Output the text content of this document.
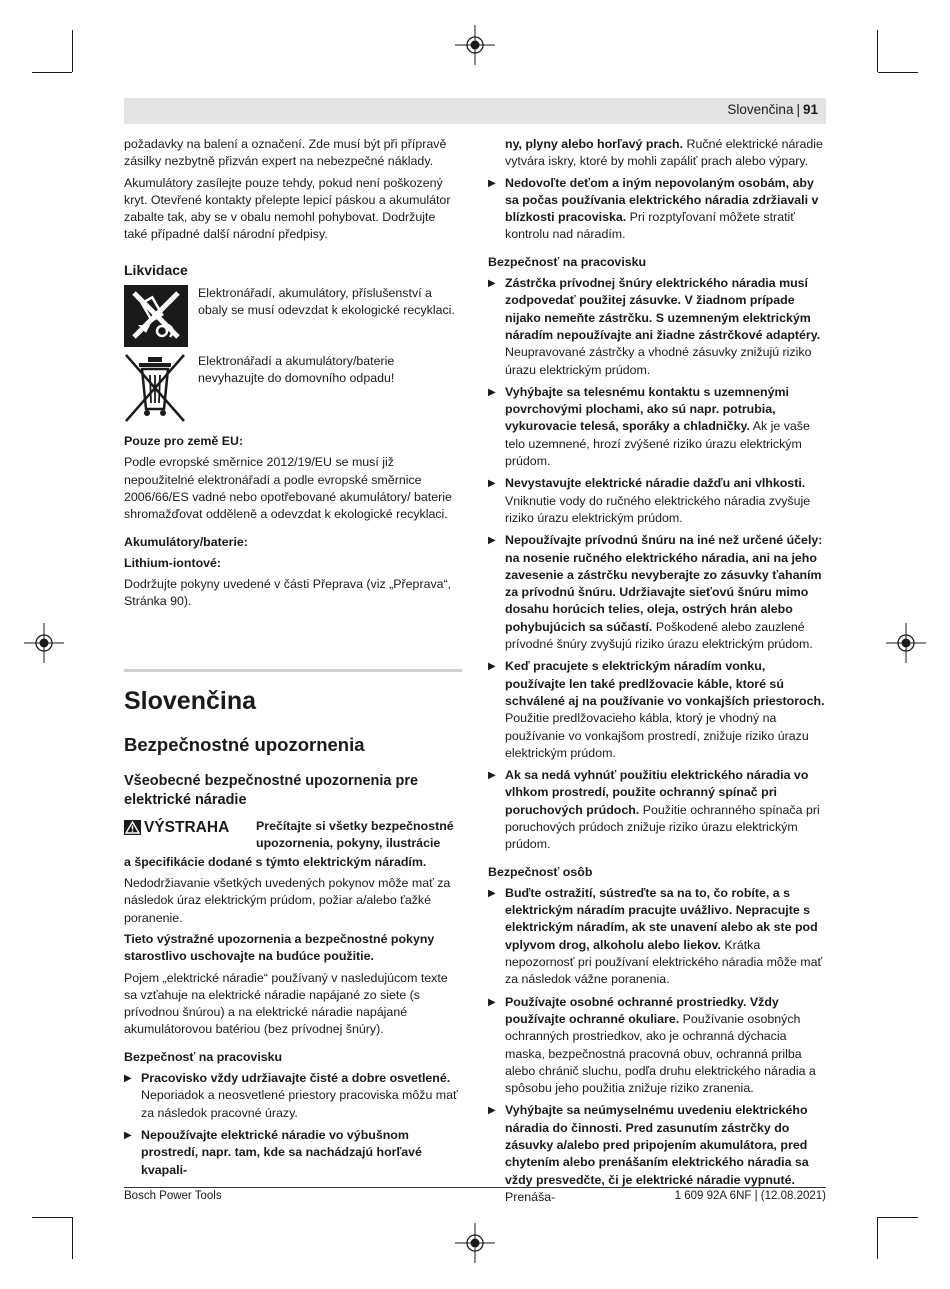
Slovenčina | 91

požadavky na balení a označení. Zde musí být při přípravě zásilky nezbytně přizván expert na nebezpečné náklady.

Akumulátory zasílejte pouze tehdy, pokud není poškozený kryt. Otevřené kontakty přelepte lepicí páskou a akumulátor zabalte tak, aby se v obalu nemohl pohybovat. Dodržujte také případné další národní předpisy.

Likvidace
Elektronářadí, akumulátory, příslušenství a obaly se musí odevzdat k ekologické recyklaci.
Elektronářadí a akumulátory/baterie nevyhazujte do domovního odpadu!
Pouze pro země EU:

Podle evropské směrnice 2012/19/EU se musí již nepoužitelné elektronářadí a podle evropské směrnice 2006/66/ES vadné nebo opotřebované akumulátory/ baterie shromažďovat odděleně a odevzdat k ekologické recyklaci.

Akumulátory/baterie:
Lithium-iontové:

Dodržujte pokyny uvedené v části Přeprava (viz „Přeprava“, Stránka 90).

Slovenčina
Bezpečnostné upozornenia
Všeobecné bezpečnostné upozornenia pre elektrické náradie
VÝSTRAHA Prečítajte si všetky bezpečnostné upozornenia, pokyny, ilustrácie

a špecifikácie dodané s týmto elektrickým náradím.

Nedodržiavanie všetkých uvedených pokynov môže mať za následok úraz elektrickým prúdom, požiar a/alebo ťažké poranenie.

Tieto výstražné upozornenia a bezpečnostné pokyny starostlivo uschovajte na budúce použitie.

Pojem „elektrické náradie“ používaný v nasledujúcom texte sa vzťahuje na elektrické náradie napájané zo siete (s prívodnou šnúrou) a na elektrické náradie napájané akumulátorovou batériou (bez prívodnej šnúry).

Bezpečnosť na pracovisku
▶ Pracovisko vždy udržiavajte čisté a dobre osvetlené. Neporiadok a neosvetlené priestory pracoviska môžu mať za následok pracovné úrazy.
▶ Nepoužívajte elektrické náradie vo výbušnom prostredí, napr. tam, kde sa nachádzajú horľavé kvapali-
ny, plyny alebo horľavý prach. Ručné elektrické náradie vytvára iskry, ktoré by mohli zapáliť prach alebo výpary.
▶ Nedovoľte deťom a iným nepovolaným osobám, aby sa počas používania elektrického náradia zdržiavali v blízkosti pracoviska. Pri rozptyľovaní môžete stratiť kontrolu nad náradím.
Bezpečnosť na pracovisku
▶ Zástrčka prívodnej šnúry elektrického náradia musí zodpovedať použitej zásuvke. V žiadnom prípade nijako nemeňte zástrčku. S uzemneným elektrickým náradím nepoužívajte ani žiadne zástrčkové adaptéry. Neupravované zástrčky a vhodné zásuvky znižujú riziko úrazu elektrickým prúdom.
▶ Vyhýbajte sa telesnému kontaktu s uzemnenými povrchovými plochami, ako sú napr. potrubia, vykurovacie telesá, sporáky a chladničky. Ak je vaše telo uzemnené, hrozí zvýšené riziko úrazu elektrickým prúdom.
▶ Nevystavujte elektrické náradie dažďu ani vlhkosti. Vniknutie vody do ručného elektrického náradia zvyšuje riziko úrazu elektrickým prúdom.
▶ Nepoužívajte prívodnú šnúru na iné než určené účely: na nosenie ručného elektrického náradia, ani na jeho zavesenie a zástrčku nevyberajte zo zásuvky ťahaním za prívodnú šnúru. Udržiavajte sieťovú šnúru mimo dosahu horúcich telies, oleja, ostrých hrán alebo pohybujúcich sa súčastí. Poškodené alebo zauzlené prívodné šnúry zvyšujú riziko úrazu elektrickým prúdom.
▶ Keď pracujete s elektrickým náradím vonku, používajte len také predlžovacie káble, ktoré sú schválené aj na používanie vo vonkajších priestoroch. Použitie predlžovacieho kábla, ktorý je vhodný na používanie vo vonkajšom prostredí, znižuje riziko úrazu elektrickým prúdom.
▶ Ak sa nedá vyhnúť použitiu elektrického náradia vo vlhkom prostredí, použite ochranný spínač pri poruchových prúdoch. Použitie ochranného spínača pri poruchových prúdoch znižuje riziko úrazu elektrickým prúdom.
Bezpečnosť osôb
▶ Buďte ostražití, sústreďte sa na to, čo robíte, a s elektrickým náradím pracujte uvážlivo. Nepracujte s elektrickým náradím, ak ste unavení alebo ak ste pod vplyvom drog, alkoholu alebo liekov. Krátka nepozornosť pri používaní elektrického náradia môže mať za následok vážne poranenia.
▶ Používajte osobné ochranné prostriedky. Vždy používajte ochranné okuliare. Používanie osobných ochranných prostriedkov, ako je ochranná dýchacia maska, bezpečnostná pracovná obuv, ochranná prilba alebo chránič sluchu, podľa druhu elektrického náradia a spôsobu jeho použitia znižuje riziko zranenia.
▶ Vyhýbajte sa neúmyselnému uvedeniu elektrického náradia do činnosti. Pred zasunutím zástrčky do zásuvky a/alebo pred pripojením akumulátora, pred chytením alebo prenášaním elektrického náradia sa vždy presvedčte, či je elektrické náradie vypnuté. Prenáša-
Bosch Power Tools	1 609 92A 6NF | (12.08.2021)
